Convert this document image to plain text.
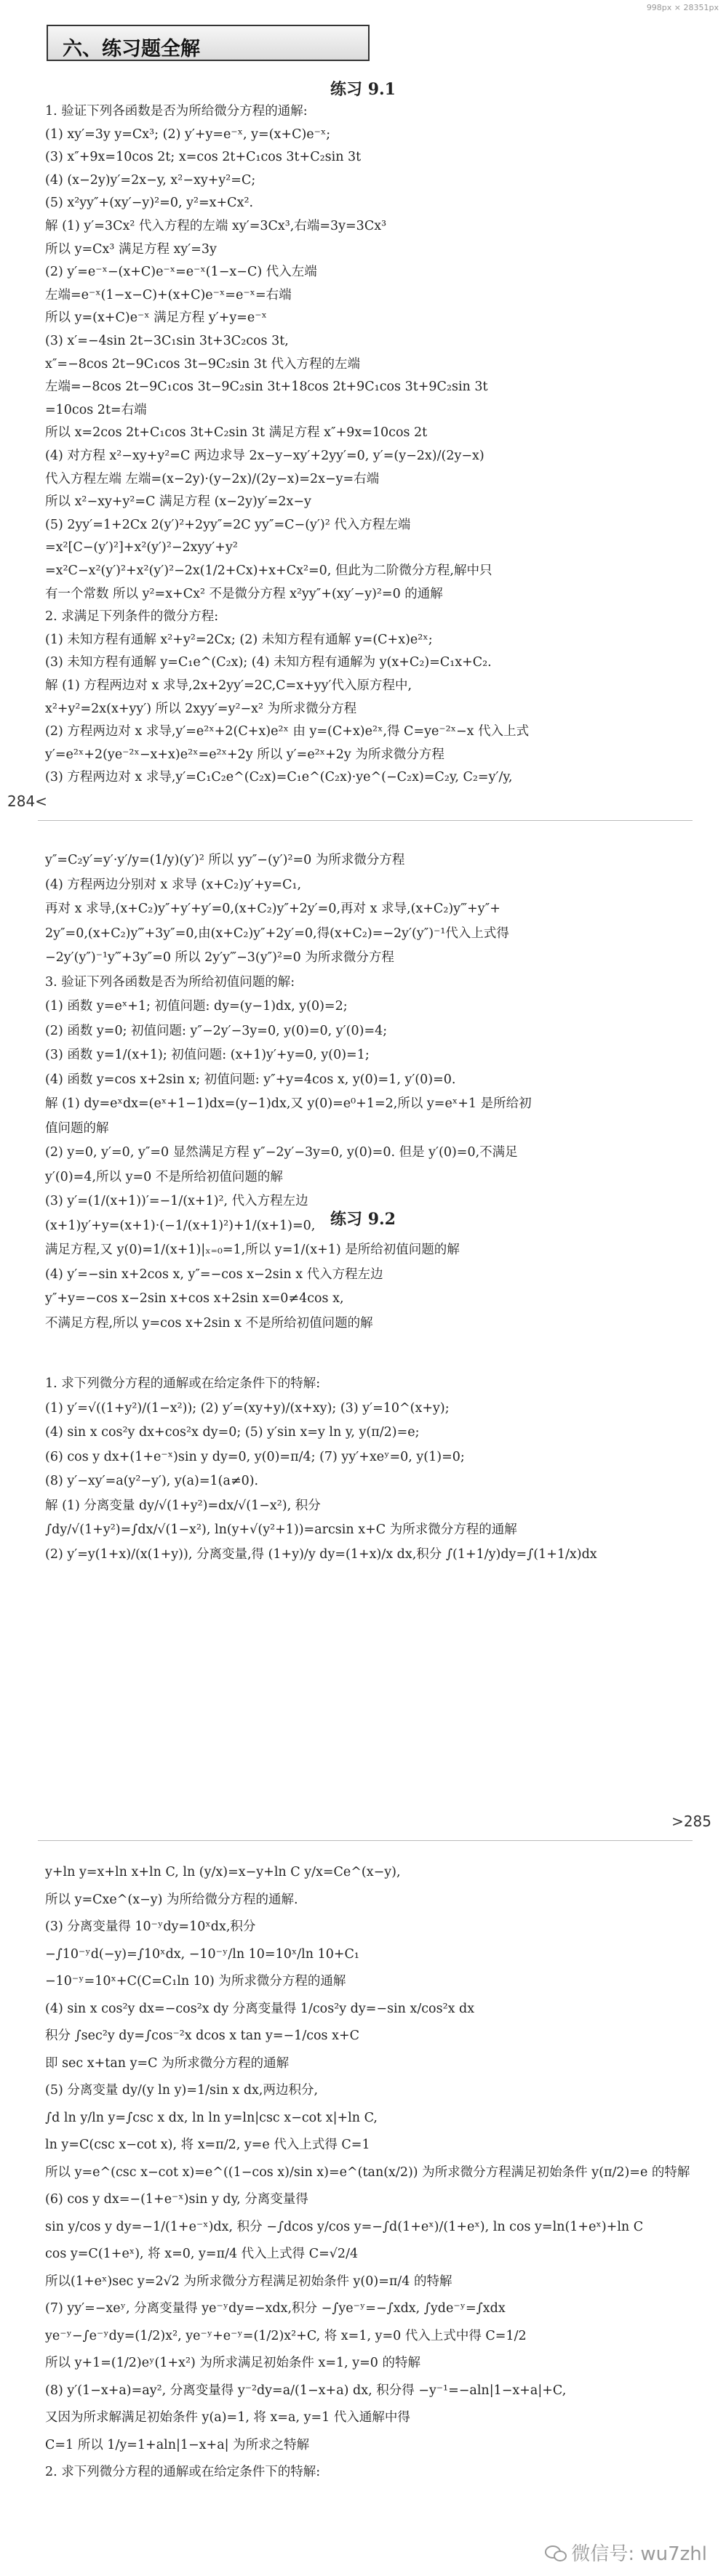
998px × 28351px
六、练习题全解
练习 9.1
1. 验证下列各函数是否为所给微分方程的通解:
(1) xy′=3y y=Cx³; (2) y′+y=e⁻ˣ, y=(x+C)e⁻ˣ;
(3) x″+9x=10cos 2t; x=cos 2t+C₁cos 3t+C₂sin 3t
(4) (x−2y)y′=2x−y, x²−xy+y²=C;
(5) x²yy″+(xy′−y)²=0, y²=x+Cx².
解 (1) y′=3Cx² 代入方程的左端 xy′=3Cx³,右端=3y=3Cx³
所以 y=Cx³ 满足方程 xy′=3y
(2) y′=e⁻ˣ−(x+C)e⁻ˣ=e⁻ˣ(1−x−C) 代入左端
左端=e⁻ˣ(1−x−C)+(x+C)e⁻ˣ=e⁻ˣ=右端
所以 y=(x+C)e⁻ˣ 满足方程 y′+y=e⁻ˣ
(3) x′=−4sin 2t−3C₁sin 3t+3C₂cos 3t,
x″=−8cos 2t−9C₁cos 3t−9C₂sin 3t 代入方程的左端
左端=−8cos 2t−9C₁cos 3t−9C₂sin 3t+18cos 2t+9C₁cos 3t+9C₂sin 3t
=10cos 2t=右端
所以 x=2cos 2t+C₁cos 3t+C₂sin 3t 满足方程 x″+9x=10cos 2t
(4) 对方程 x²−xy+y²=C 两边求导 2x−y−xy′+2yy′=0, y′=(y−2x)/(2y−x)
代入方程左端 左端=(x−2y)·(y−2x)/(2y−x)=2x−y=右端
所以 x²−xy+y²=C 满足方程 (x−2y)y′=2x−y
(5) 2yy′=1+2Cx 2(y′)²+2yy″=2C yy″=C−(y′)² 代入方程左端
=x²[C−(y′)²]+x²(y′)²−2xyy′+y²
=x²C−x²(y′)²+x²(y′)²−2x(1/2+Cx)+x+Cx²=0, 但此为二阶微分方程,解中只
有一个常数 所以 y²=x+Cx² 不是微分方程 x²yy″+(xy′−y)²=0 的通解
2. 求满足下列条件的微分方程:
(1) 未知方程有通解 x²+y²=2Cx; (2) 未知方程有通解 y=(C+x)e²ˣ;
(3) 未知方程有通解 y=C₁e^(C₂x); (4) 未知方程有通解为 y(x+C₂)=C₁x+C₂.
解 (1) 方程两边对 x 求导,2x+2yy′=2C,C=x+yy′代入原方程中,
x²+y²=2x(x+yy′) 所以 2xyy′=y²−x² 为所求微分方程
(2) 方程两边对 x 求导,y′=e²ˣ+2(C+x)e²ˣ 由 y=(C+x)e²ˣ,得 C=ye⁻²ˣ−x 代入上式
y′=e²ˣ+2(ye⁻²ˣ−x+x)e²ˣ=e²ˣ+2y 所以 y′=e²ˣ+2y 为所求微分方程
(3) 方程两边对 x 求导,y′=C₁C₂e^(C₂x)=C₁e^(C₂x)·ye^(−C₂x)=C₂y, C₂=y′/y,
284<
y″=C₂y′=y′·y′/y=(1/y)(y′)² 所以 yy″−(y′)²=0 为所求微分方程
(4) 方程两边分别对 x 求导 (x+C₂)y′+y=C₁,
再对 x 求导,(x+C₂)y″+y′+y′=0,(x+C₂)y″+2y′=0,再对 x 求导,(x+C₂)y‴+y″+
2y″=0,(x+C₂)y‴+3y″=0,由(x+C₂)y″+2y′=0,得(x+C₂)=−2y′(y″)⁻¹代入上式得
−2y′(y″)⁻¹y‴+3y″=0 所以 2y′y‴−3(y″)²=0 为所求微分方程
3. 验证下列各函数是否为所给初值问题的解:
(1) 函数 y=eˣ+1; 初值问题: dy=(y−1)dx, y(0)=2;
(2) 函数 y=0; 初值问题: y″−2y′−3y=0, y(0)=0, y′(0)=4;
(3) 函数 y=1/(x+1); 初值问题: (x+1)y′+y=0, y(0)=1;
(4) 函数 y=cos x+2sin x; 初值问题: y″+y=4cos x, y(0)=1, y′(0)=0.
解 (1) dy=eˣdx=(eˣ+1−1)dx=(y−1)dx,又 y(0)=e⁰+1=2,所以 y=eˣ+1 是所给初
值问题的解
(2) y=0, y′=0, y″=0 显然满足方程 y″−2y′−3y=0, y(0)=0. 但是 y′(0)=0,不满足
y′(0)=4,所以 y=0 不是所给初值问题的解
(3) y′=(1/(x+1))′=−1/(x+1)², 代入方程左边
(x+1)y′+y=(x+1)·(−1/(x+1)²)+1/(x+1)=0,
满足方程,又 y(0)=1/(x+1)|ₓ₌₀=1,所以 y=1/(x+1) 是所给初值问题的解
(4) y′=−sin x+2cos x, y″=−cos x−2sin x 代入方程左边
y″+y=−cos x−2sin x+cos x+2sin x=0≠4cos x,
不满足方程,所以 y=cos x+2sin x 不是所给初值问题的解
1. 求下列微分方程的通解或在给定条件下的特解:
(1) y′=√((1+y²)/(1−x²)); (2) y′=(xy+y)/(x+xy); (3) y′=10^(x+y);
(4) sin x cos²y dx+cos²x dy=0; (5) y′sin x=y ln y, y(π/2)=e;
(6) cos y dx+(1+e⁻ˣ)sin y dy=0, y(0)=π/4; (7) yy′+xeʸ=0, y(1)=0;
(8) y′−xy′=a(y²−y′), y(a)=1(a≠0).
解 (1) 分离变量 dy/√(1+y²)=dx/√(1−x²), 积分
∫dy/√(1+y²)=∫dx/√(1−x²), ln(y+√(y²+1))=arcsin x+C 为所求微分方程的通解
(2) y′=y(1+x)/(x(1+y)), 分离变量,得 (1+y)/y dy=(1+x)/x dx,积分 ∫(1+1/y)dy=∫(1+1/x)dx
练习 9.2
>285
y+ln y=x+ln x+ln C, ln (y/x)=x−y+ln C y/x=Ce^(x−y),
所以 y=Cxe^(x−y) 为所给微分方程的通解.
(3) 分离变量得 10⁻ʸdy=10ˣdx,积分
−∫10⁻ʸd(−y)=∫10ˣdx, −10⁻ʸ/ln 10=10ˣ/ln 10+C₁
−10⁻ʸ=10ˣ+C(C=C₁ln 10) 为所求微分方程的通解
(4) sin x cos²y dx=−cos²x dy 分离变量得 1/cos²y dy=−sin x/cos²x dx
积分 ∫sec²y dy=∫cos⁻²x dcos x tan y=−1/cos x+C
即 sec x+tan y=C 为所求微分方程的通解
(5) 分离变量 dy/(y ln y)=1/sin x dx,两边积分,
∫d ln y/ln y=∫csc x dx, ln ln y=ln|csc x−cot x|+ln C,
ln y=C(csc x−cot x), 将 x=π/2, y=e 代入上式得 C=1
所以 y=e^(csc x−cot x)=e^((1−cos x)/sin x)=e^(tan(x/2)) 为所求微分方程满足初始条件 y(π/2)=e 的特解
(6) cos y dx=−(1+e⁻ˣ)sin y dy, 分离变量得
sin y/cos y dy=−1/(1+e⁻ˣ)dx, 积分 −∫dcos y/cos y=−∫d(1+eˣ)/(1+eˣ), ln cos y=ln(1+eˣ)+ln C
cos y=C(1+eˣ), 将 x=0, y=π/4 代入上式得 C=√2/4
所以(1+eˣ)sec y=2√2 为所求微分方程满足初始条件 y(0)=π/4 的特解
(7) yy′=−xeʸ, 分离变量得 ye⁻ʸdy=−xdx,积分 −∫ye⁻ʸ=−∫xdx, ∫yde⁻ʸ=∫xdx
ye⁻ʸ−∫e⁻ʸdy=(1/2)x², ye⁻ʸ+e⁻ʸ=(1/2)x²+C, 将 x=1, y=0 代入上式中得 C=1/2
所以 y+1=(1/2)eʸ(1+x²) 为所求满足初始条件 x=1, y=0 的特解
(8) y′(1−x+a)=ay², 分离变量得 y⁻²dy=a/(1−x+a) dx, 积分得 −y⁻¹=−aln|1−x+a|+C,
又因为所求解满足初始条件 y(a)=1, 将 x=a, y=1 代入通解中得
C=1 所以 1/y=1+aln|1−x+a| 为所求之特解
2. 求下列微分方程的通解或在给定条件下的特解:
微信号: wu7zhl
